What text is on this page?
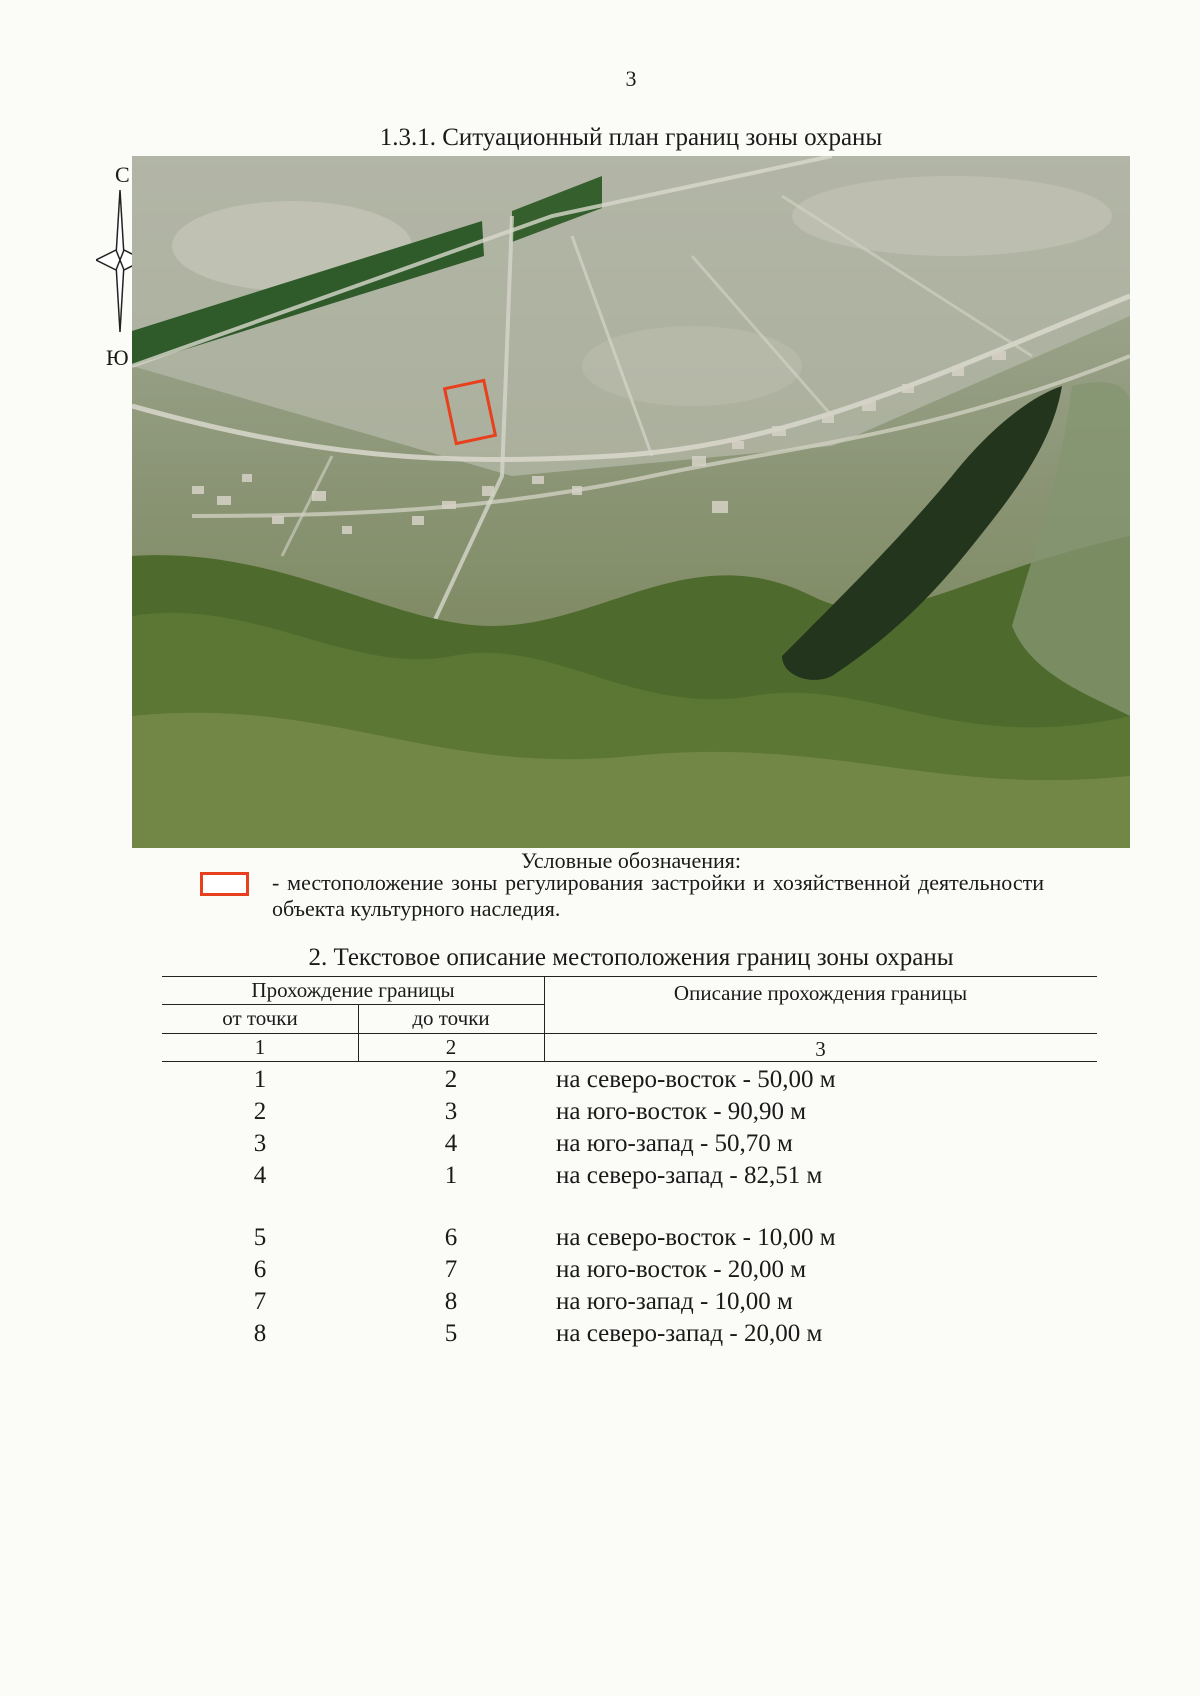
3
1.3.1. Ситуационный план границ зоны охраны
С
Ю
Условные обозначения:
- местоположение зоны регулирования застройки и хозяйственной деятельности объекта культурного наследия.
2. Текстовое описание местоположения границ зоны охраны
Прохождение границы
от точки	до точки
Описание прохождения границы
1	2	3
1	2	на северо-восток - 50,00 м
2	3	на юго-восток - 90,90 м
3	4	на юго-запад - 50,70 м
4	1	на северо-запад - 82,51 м
5	6	на северо-восток - 10,00 м
6	7	на юго-восток - 20,00 м
7	8	на юго-запад - 10,00 м
8	5	на северо-запад - 20,00 м
